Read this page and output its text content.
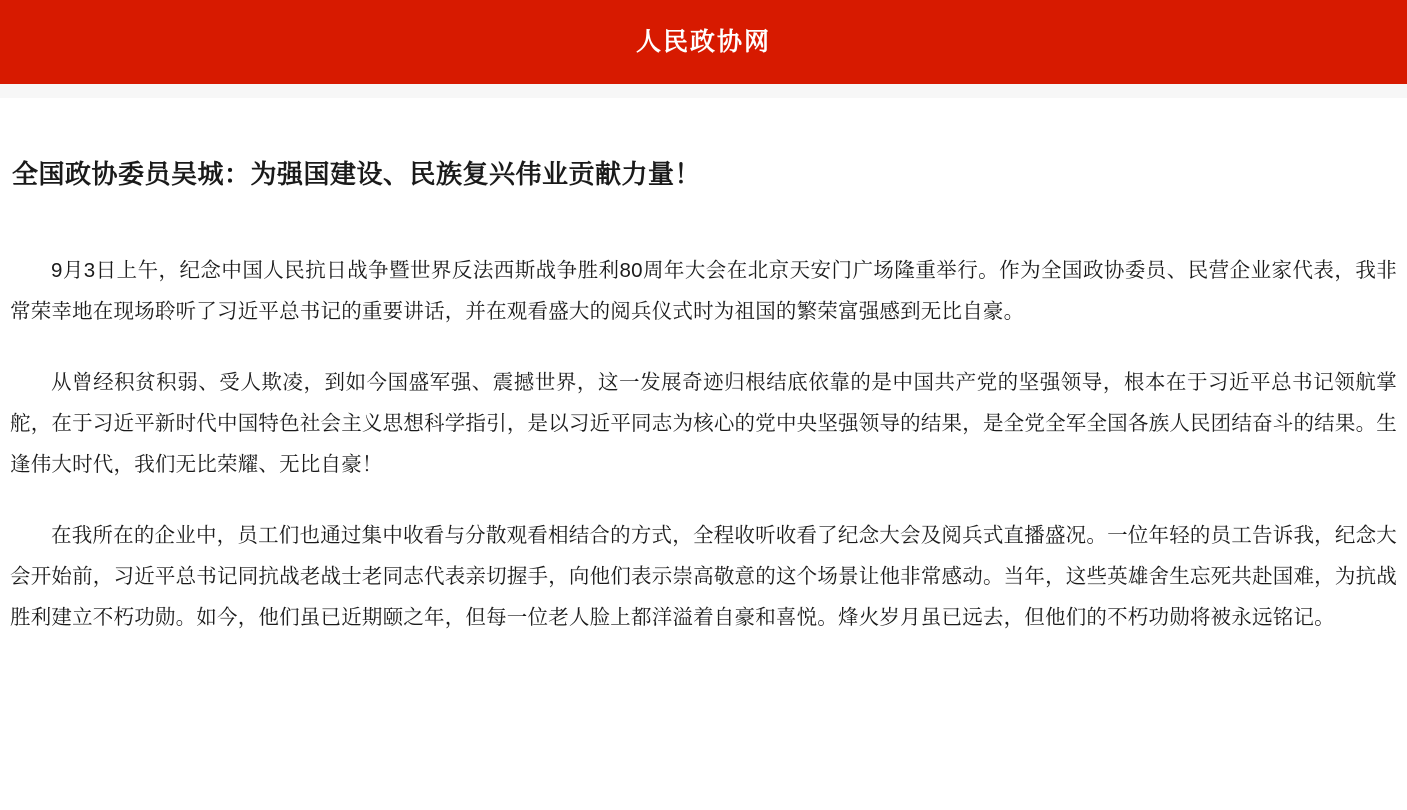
人民政协网
全国政协委员吴城：为强国建设、民族复兴伟业贡献力量！

9月3日上午，纪念中国人民抗日战争暨世界反法西斯战争胜利80周年大会在北京天安门广场隆重举行。作为全国政协委员、民营企业家代表，我非常荣幸地在现场聆听了习近平总书记的重要讲话，并在观看盛大的阅兵仪式时为祖国的繁荣富强感到无比自豪。

从曾经积贫积弱、受人欺凌，到如今国盛军强、震撼世界，这一发展奇迹归根结底依靠的是中国共产党的坚强领导，根本在于习近平总书记领航掌舵，在于习近平新时代中国特色社会主义思想科学指引，是以习近平同志为核心的党中央坚强领导的结果，是全党全军全国各族人民团结奋斗的结果。生逢伟大时代，我们无比荣耀、无比自豪！

在我所在的企业中，员工们也通过集中收看与分散观看相结合的方式，全程收听收看了纪念大会及阅兵式直播盛况。一位年轻的员工告诉我，纪念大会开始前，习近平总书记同抗战老战士老同志代表亲切握手，向他们表示崇高敬意的这个场景让他非常感动。当年，这些英雄舍生忘死共赴国难，为抗战胜利建立不朽功勋。如今，他们虽已近期颐之年，但每一位老人脸上都洋溢着自豪和喜悦。烽火岁月虽已远去，但他们的不朽功勋将被永远铭记。
